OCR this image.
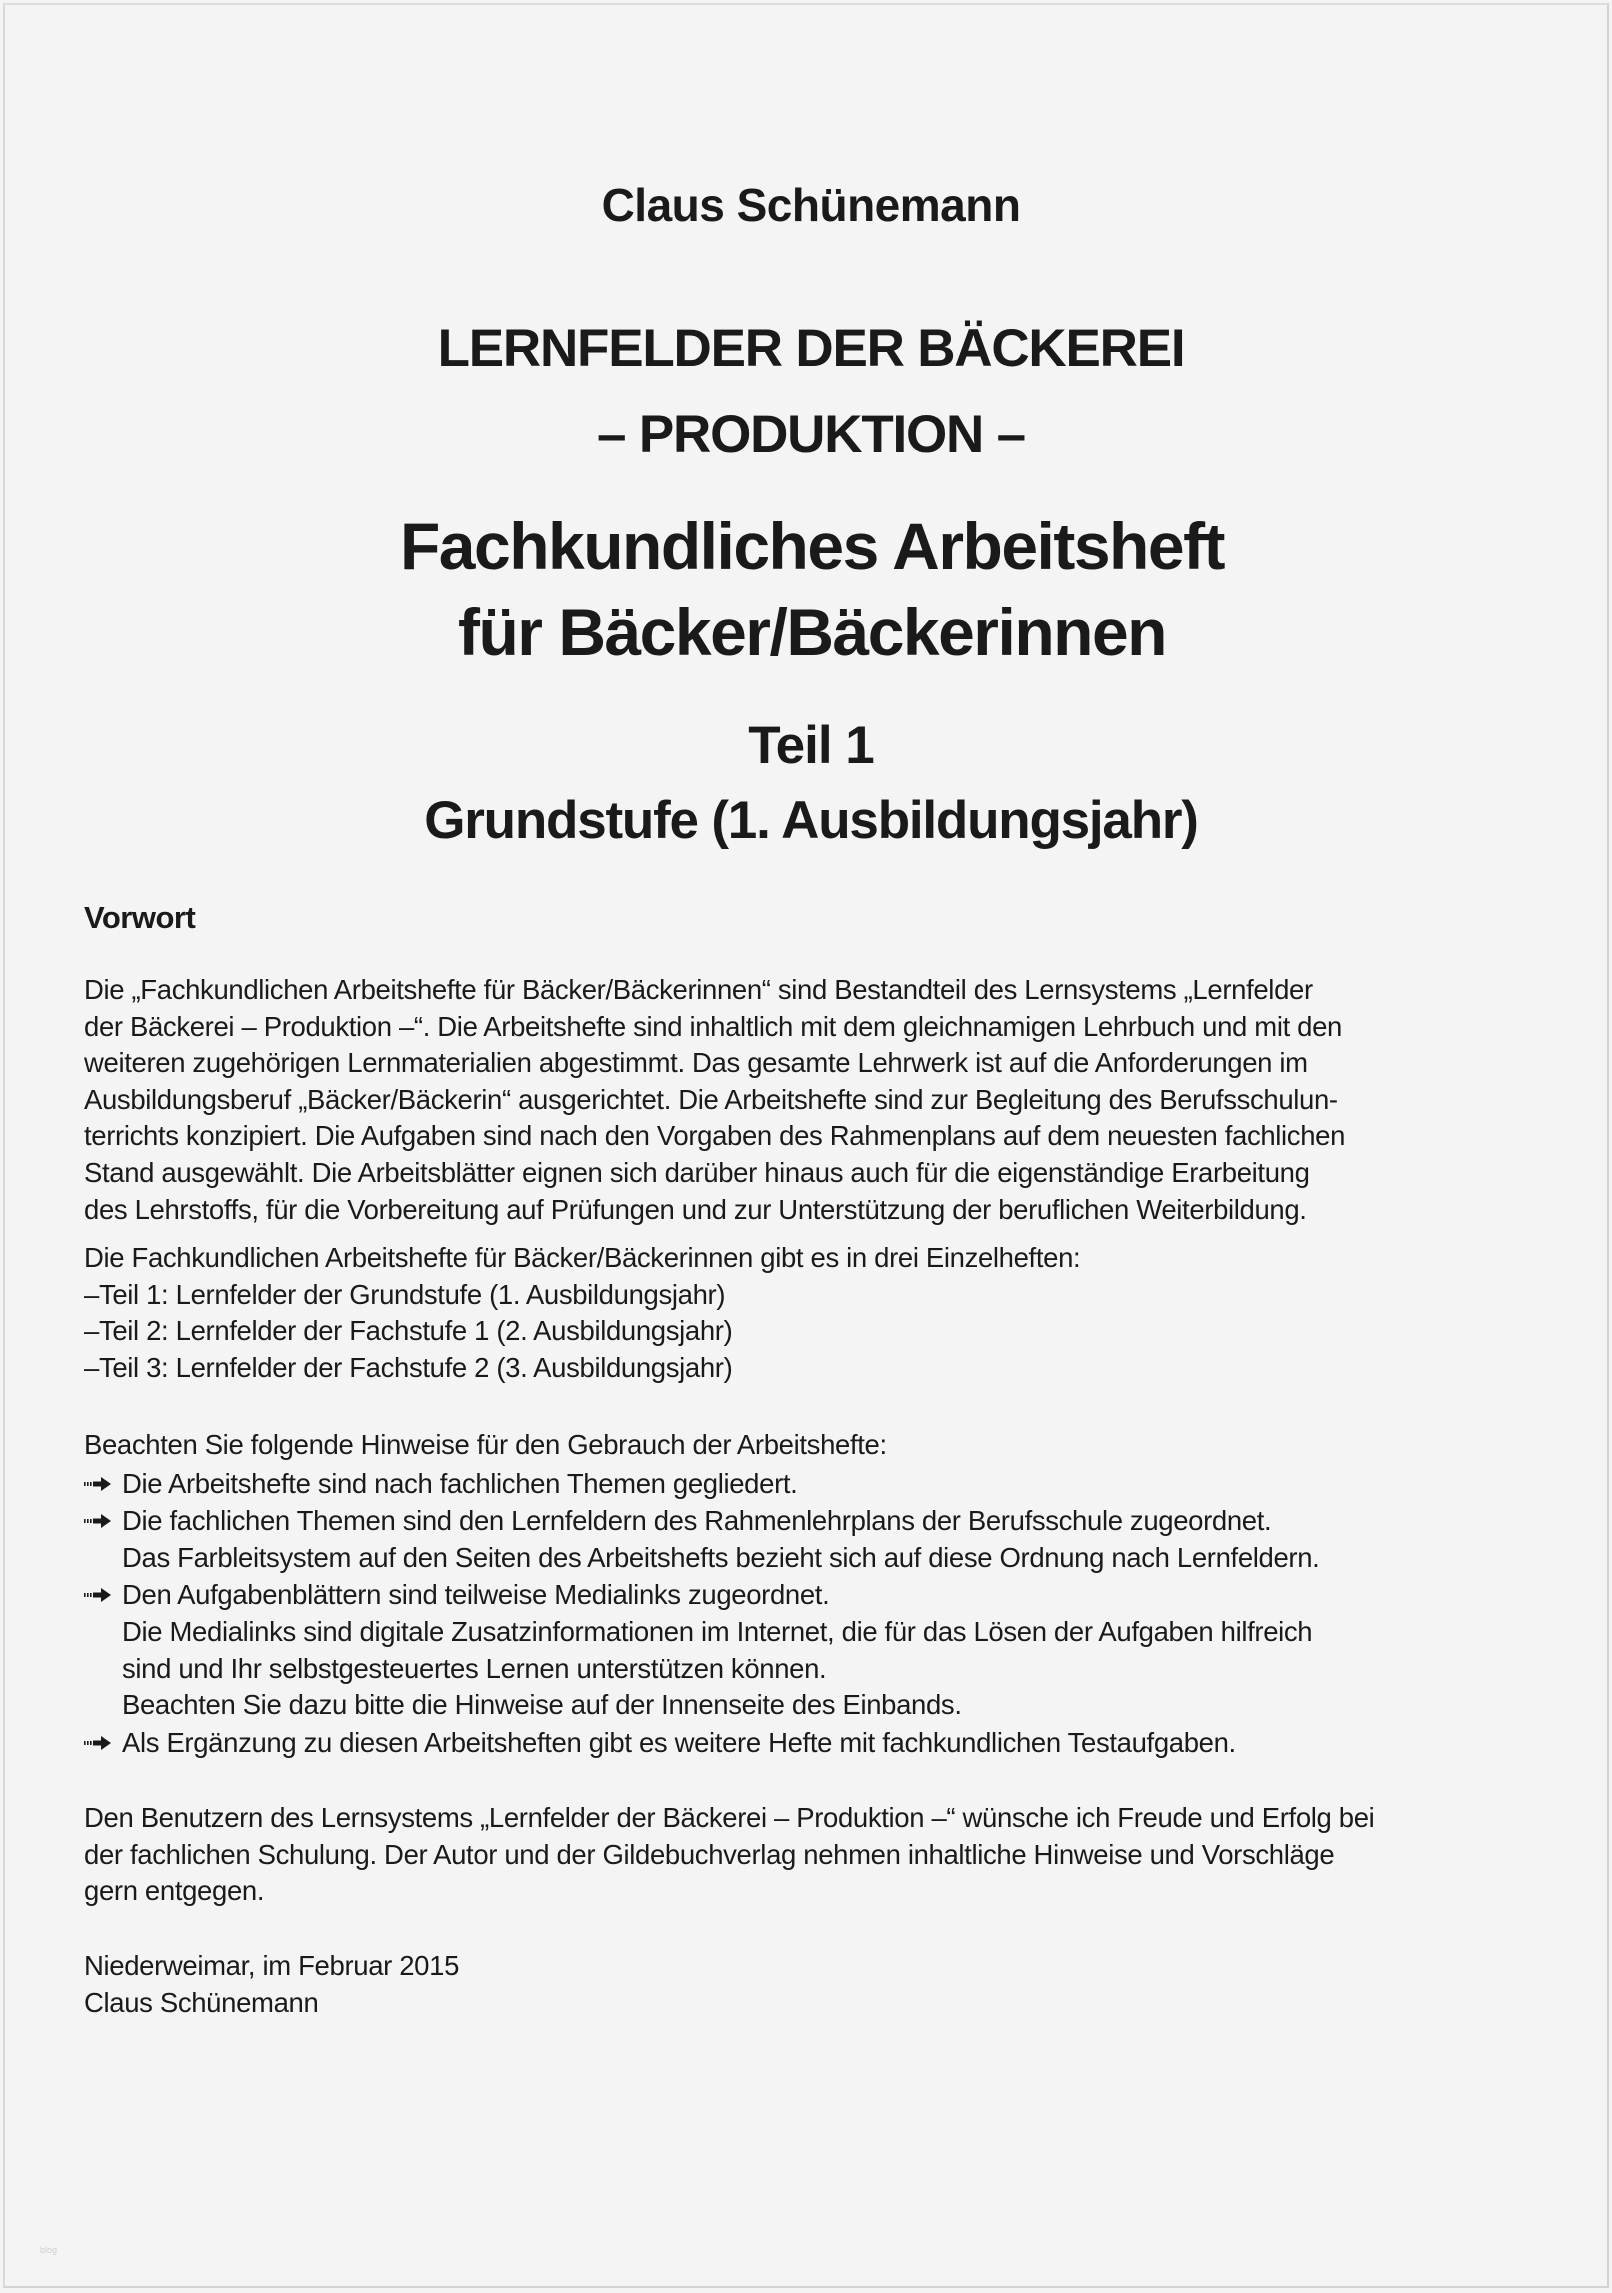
Claus Schünemann
LERNFELDER DER BÄCKEREI
– PRODUKTION –
Fachkundliches Arbeitsheft
für Bäcker/Bäckerinnen
Teil 1
Grundstufe (1. Ausbildungsjahr)
Vorwort
Die „Fachkundlichen Arbeitshefte für Bäcker/Bäckerinnen“ sind Bestandteil des Lernsystems „Lernfelder
der Bäckerei – Produktion –“. Die Arbeitshefte sind inhaltlich mit dem gleichnamigen Lehrbuch und mit den
weiteren zugehörigen Lernmaterialien abgestimmt. Das gesamte Lehrwerk ist auf die Anforderungen im
Ausbildungsberuf „Bäcker/Bäckerin“ ausgerichtet. Die Arbeitshefte sind zur Begleitung des Berufsschulun-
terrichts konzipiert. Die Aufgaben sind nach den Vorgaben des Rahmenplans auf dem neuesten fachlichen
Stand ausgewählt. Die Arbeitsblätter eignen sich darüber hinaus auch für die eigenständige Erarbeitung
des Lehrstoffs, für die Vorbereitung auf Prüfungen und zur Unterstützung der beruflichen Weiterbildung.
Die Fachkundlichen Arbeitshefte für Bäcker/Bäckerinnen gibt es in drei Einzelheften:
–Teil 1: Lernfelder der Grundstufe (1. Ausbildungsjahr)
–Teil 2: Lernfelder der Fachstufe 1 (2. Ausbildungsjahr)
–Teil 3: Lernfelder der Fachstufe 2 (3. Ausbildungsjahr)
Beachten Sie folgende Hinweise für den Gebrauch der Arbeitshefte:
Die Arbeitshefte sind nach fachlichen Themen gegliedert.
Die fachlichen Themen sind den Lernfeldern des Rahmenlehrplans der Berufsschule zugeordnet.
Das Farbleitsystem auf den Seiten des Arbeitshefts bezieht sich auf diese Ordnung nach Lernfeldern.
Den Aufgabenblättern sind teilweise Medialinks zugeordnet.
Die Medialinks sind digitale Zusatzinformationen im Internet, die für das Lösen der Aufgaben hilfreich
sind und Ihr selbstgesteuertes Lernen unterstützen können.
Beachten Sie dazu bitte die Hinweise auf der Innenseite des Einbands.
Als Ergänzung zu diesen Arbeitsheften gibt es weitere Hefte mit fachkundlichen Testaufgaben.
Den Benutzern des Lernsystems „Lernfelder der Bäckerei – Produktion –“ wünsche ich Freude und Erfolg bei
der fachlichen Schulung. Der Autor und der Gildebuchverlag nehmen inhaltliche Hinweise und Vorschläge
gern entgegen.
Niederweimar, im Februar 2015
Claus Schünemann
blog
